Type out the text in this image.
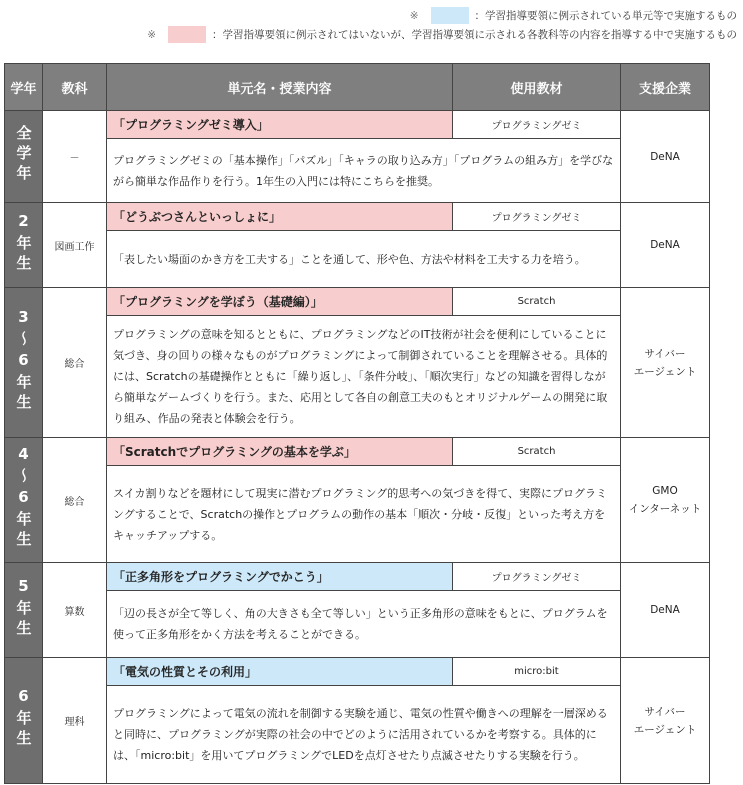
※	：学習指導要領に例示されている単元等で実施するもの
※	：学習指導要領に例示されてはいないが、学習指導要領に示される各教科等の内容を指導する中で実施するもの
学年	教科	単元名・授業内容	使用教材	支援企業
全学年	－	「プログラミングゼミ導入」	プログラミングゼミ	DeNA
		プログラミングゼミの「基本操作」「パズル」「キャラの取り込み方」「プログラムの組み方」を学びながら簡単な作品作りを行う。1年生の入門には特にこちらを推奨。		
2年生	図画工作	「どうぶつさんといっしょに」	プログラミングゼミ	DeNA
		「表したい場面のかき方を工夫する」ことを通して、形や色、方法や材料を工夫する力を培う。		
3〜6年生	総合	「プログラミングを学ぼう（基礎編）」	Scratch	サイバー
エージェント
		プログラミングの意味を知るとともに、プログラミングなどのIT技術が社会を便利にしていることに気づき、身の回りの様々なものがプログラミングによって制御されていることを理解させる。具体的には、Scratchの基礎操作とともに「繰り返し」、「条件分岐」、「順次実行」などの知識を習得しながら簡単なゲームづくりを行う。また、応用として各自の創意工夫のもとオリジナルゲームの開発に取り組み、作品の発表と体験会を行う。		
4〜6年生	総合	「Scratchでプログラミングの基本を学ぶ」	Scratch	GMO
インターネット
		スイカ割りなどを題材にして現実に潜むプログラミング的思考への気づきを得て、実際にプログラミングすることで、Scratchの操作とプログラムの動作の基本「順次・分岐・反復」といった考え方をキャッチアップする。		
5年生	算数	「正多角形をプログラミングでかこう」	プログラミングゼミ	DeNA
		「辺の長さが全て等しく、角の大きさも全て等しい」という正多角形の意味をもとに、プログラムを使って正多角形をかく方法を考えることができる。		
6年生	理科	「電気の性質とその利用」	micro:bit	サイバー
エージェント
		プログラミングによって電気の流れを制御する実験を通じ、電気の性質や働きへの理解を一層深めると同時に、プログラミングが実際の社会の中でどのように活用されているかを考察する。具体的には、「micro:bit」を用いてプログラミングでLEDを点灯させたり点滅させたりする実験を行う。		
